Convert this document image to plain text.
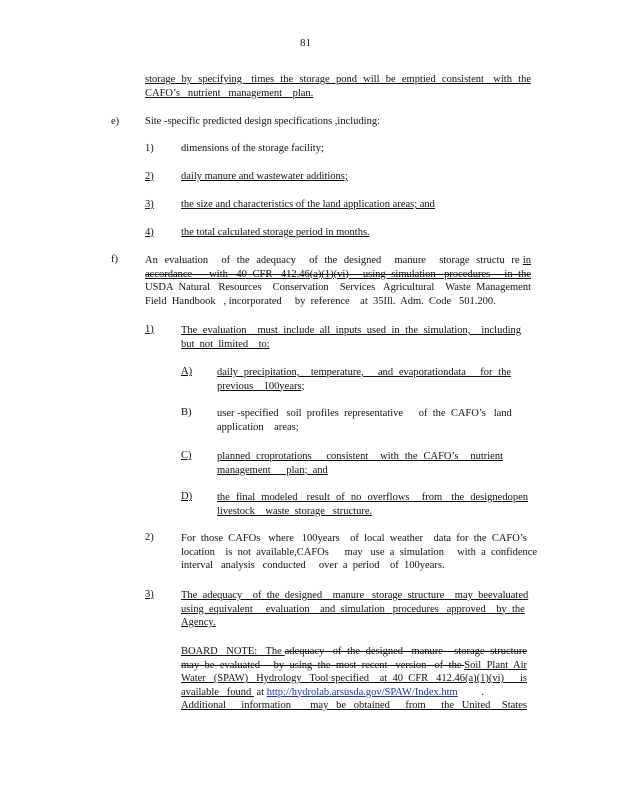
81
storage  by  specifying   times  the  storage  pond  will  be  emptied  consistent   with  the
CAFO’s   nutrient   management    plan.
e) Site -specific predicted design specifications ,including:
1)	dimensions of the storage facility;
2)	daily manure and wastewater additions;
3)	the size and characteristics of the land application areas; and
4)	the total calculated storage period in months.
f)	An  evaluation    of  the  adequacy    of  the  designed    manure    storage  structu  re in
accordance      with   40  CFR   412.46(a)(1)(vi)     using  simulation   procedures     in  the
USDA  Natural   Resources    Conservation    Services   Agricultural    Waste  Management
Field  Handbook   , incorporated     by  reference    at  35Ill.  Adm.  Code   501.200.
1)	The  evaluation    must  include  all  inputs  used  in  the  simulation,    including
but  not  limited    to:
A) daily  precipitation,    temperature,     and  evaporationdata     for  the
previous    100years;
B) user -specified   soil  profiles  representative      of  the  CAFO’s   land
application    areas;
C) planned  croprotations     consistent    with  the  CAFO’s    nutrient
management      plan;  and
D) the  final  modeled   result  of  no  overflows    from   the  designedopen
livestock    waste  storage   structure.
2)	For  those  CAFOs   where   100years    of  local  weather    data  for  the  CAFO’s
location    is  not  available,CAFOs      may   use  a  simulation     with  a  confidence
interval   analysis   conducted     over  a  period    of  100years.
3)	The  adequacy    of  the  designed    manure   storage  structure    may  beevaluated
using  equivalent     evaluation    and  simulation   procedures   approved    by  the
Agency.
BOARD   NOTE:   The adequacy   of  the  designed   manure    storage  structure
may  be  evaluated     by  using  the  most  recent   version   of  the Soil  Plant  Air
Water   (SPAW)   Hydrology   Tool specified    at  40  CFR   412.46(a)(1)(vi)      is
available   found  at http://hydrolab.arsusda.gov/SPAW/Index.htm         .
Additional    information     may  be  obtained    from    the  United   States
